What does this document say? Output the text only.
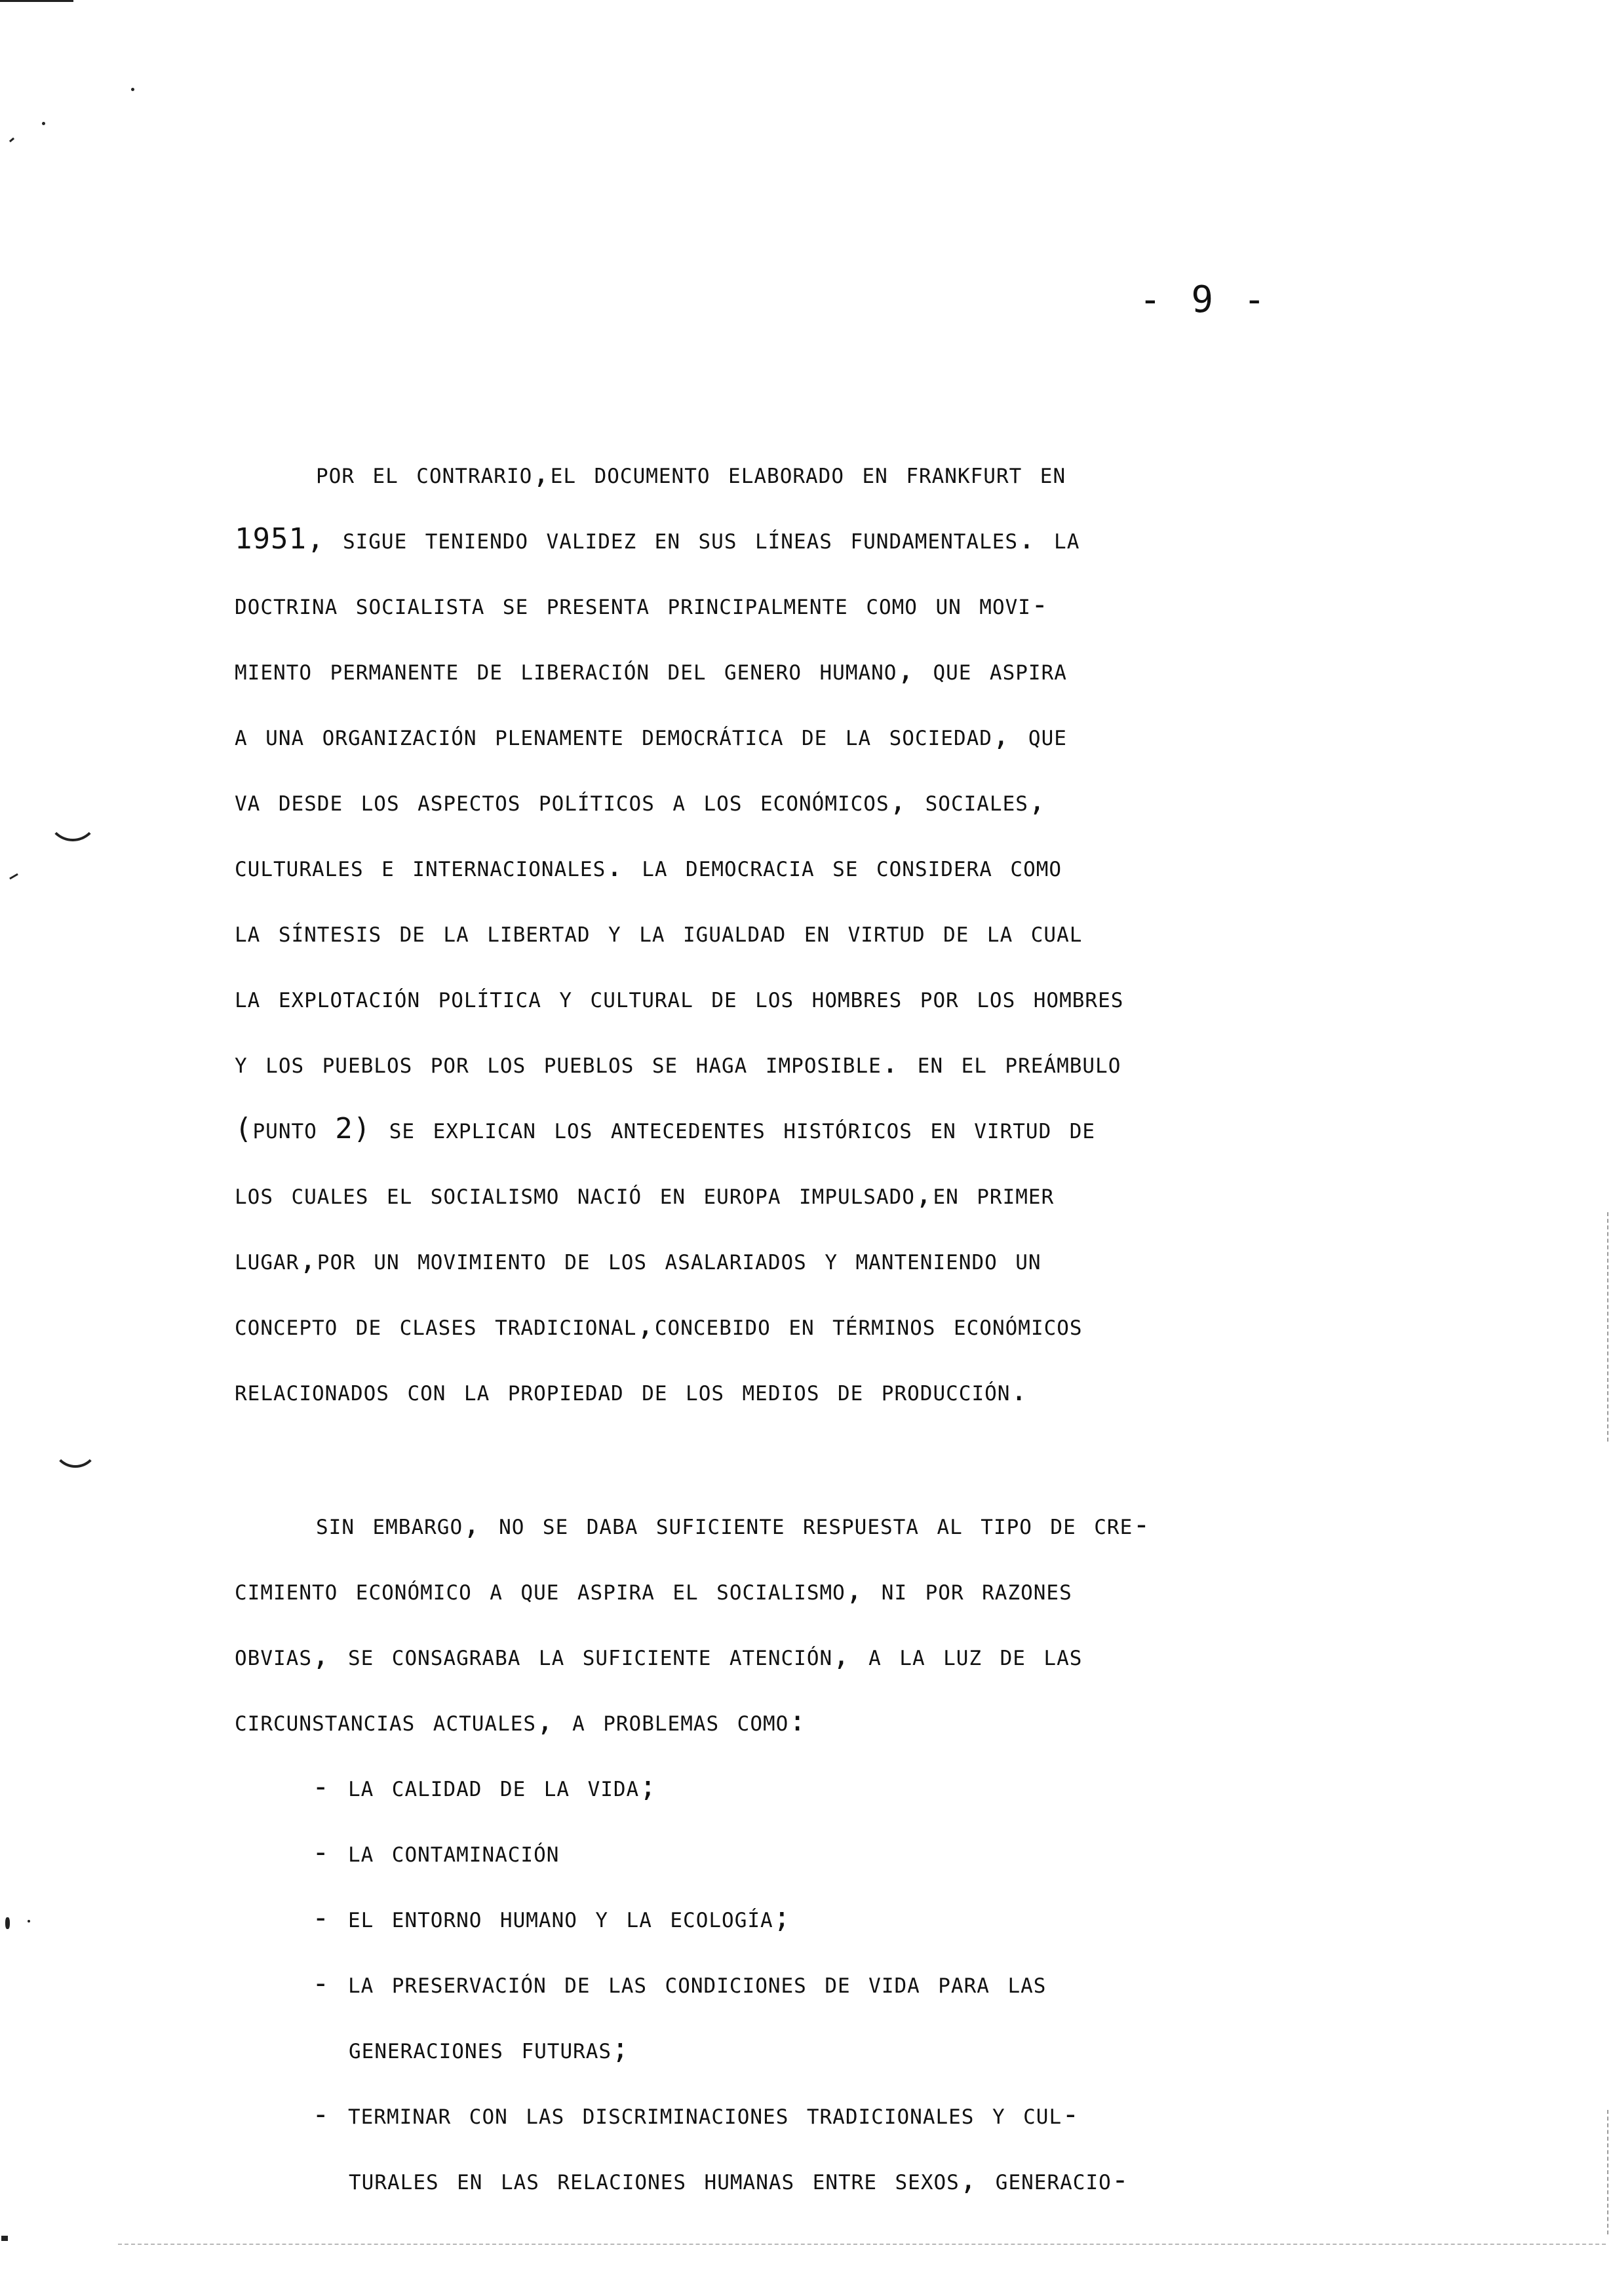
- 9 -
por el contrario,el documento elaborado en frankfurt en
1951, sigue teniendo validez en sus líneas fundamentales. la
doctrina socialista se presenta principalmente como un movi-
miento permanente de liberación del genero humano, que aspira
a una organización plenamente democrática de la sociedad, que
va desde los aspectos políticos a los económicos, sociales,
culturales e internacionales. la democracia se considera como
la síntesis de la libertad y la igualdad en virtud de la cual
la explotación política y cultural de los hombres por los hombres
y los pueblos por los pueblos se haga imposible. en el preámbulo
(punto 2) se explican los antecedentes históricos en virtud de
los cuales el socialismo nació en europa impulsado,en primer
lugar,por un movimiento de los asalariados y manteniendo un
concepto de clases tradicional,concebido en términos económicos
relacionados con la propiedad de los medios de producción.
sin embargo, no se daba suficiente respuesta al tipo de cre-
cimiento económico a que aspira el socialismo, ni por razones
obvias, se consagraba la suficiente atención, a la luz de las
circunstancias actuales, a problemas como:
- la calidad de la vida;
- la contaminación
- el entorno humano y la ecología;
- la preservación de las condiciones de vida para las
generaciones futuras;
- terminar con las discriminaciones tradicionales y cul-
turales en las relaciones humanas entre sexos, generacio-
